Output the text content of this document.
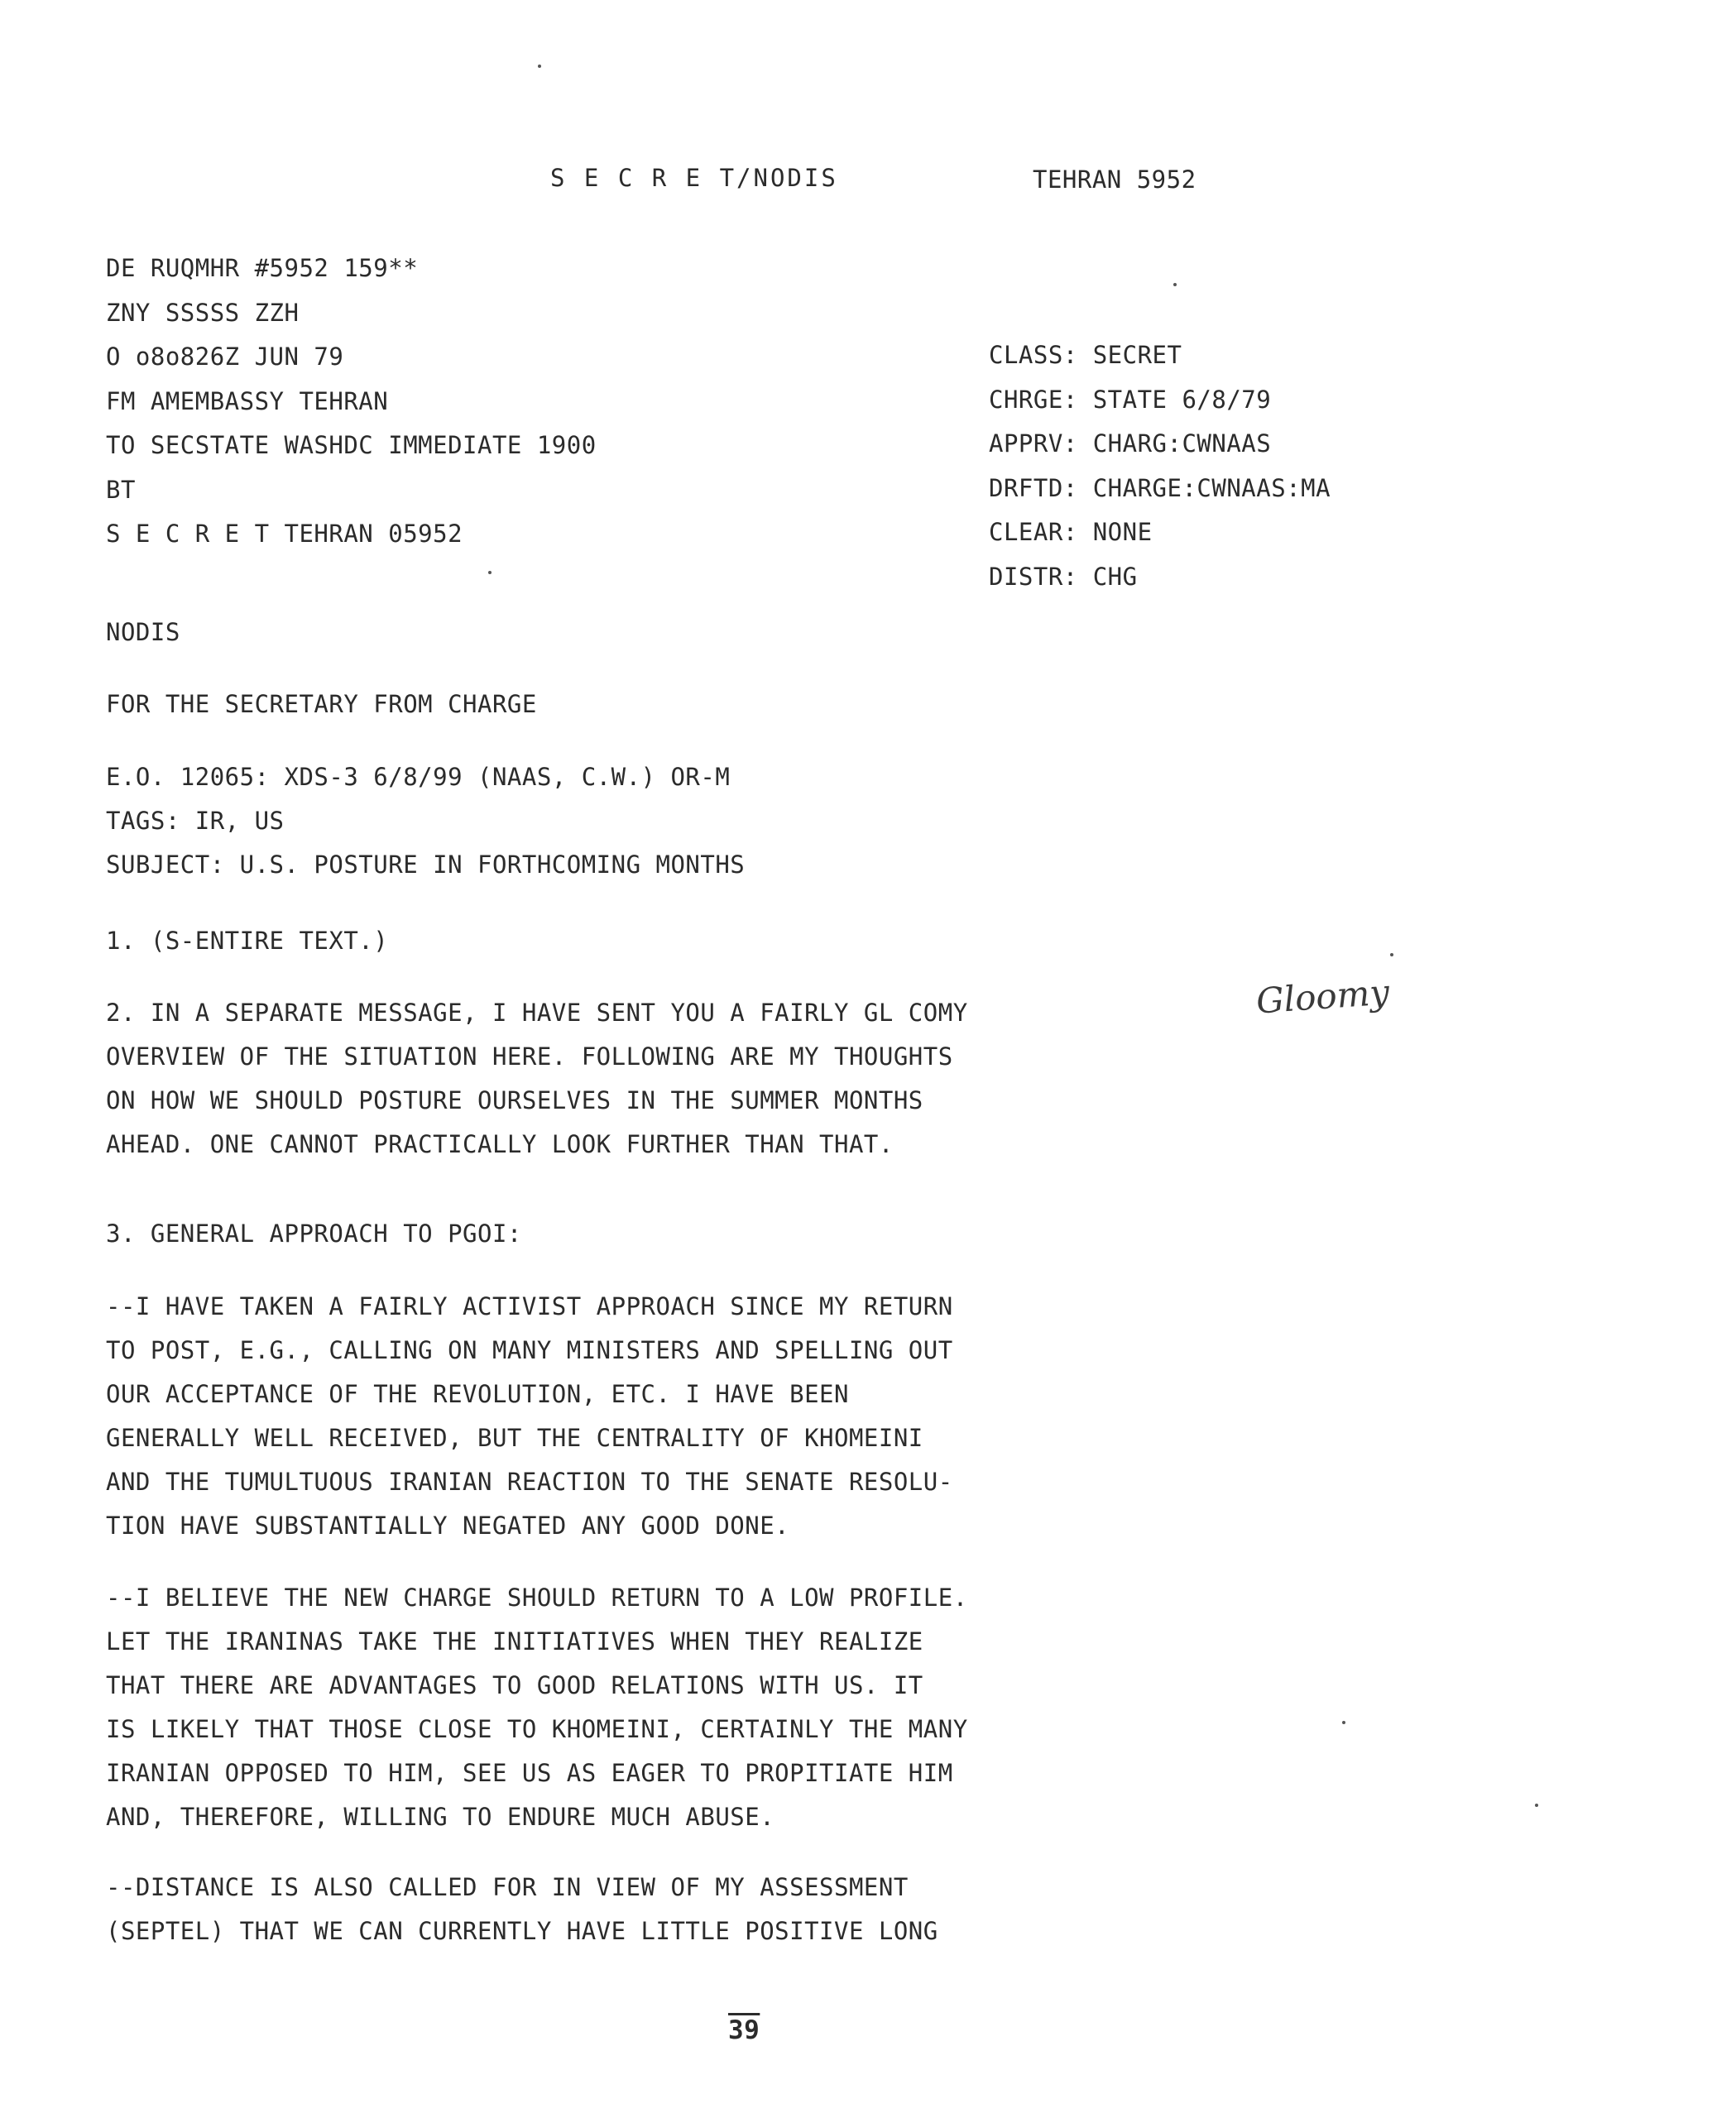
S E C R E T/NODIS	TEHRAN 5952
DE RUQMHR #5952 159**
ZNY SSSSS ZZH
O o8o826Z JUN 79
FM AMEMBASSY TEHRAN
TO SECSTATE WASHDC IMMEDIATE 1900
BT
S E C R E T TEHRAN 05952
CLASS: SECRET
CHRGE: STATE 6/8/79
APPRV: CHARG:CWNAAS
DRFTD: CHARGE:CWNAAS:MA
CLEAR: NONE
DISTR: CHG
NODIS
FOR THE SECRETARY FROM CHARGE
E.O. 12065: XDS-3 6/8/99 (NAAS, C.W.) OR-M
TAGS: IR, US
SUBJECT: U.S. POSTURE IN FORTHCOMING MONTHS
1. (S-ENTIRE TEXT.)
2. IN A SEPARATE MESSAGE, I HAVE SENT YOU A FAIRLY GL COMY
OVERVIEW OF THE SITUATION HERE. FOLLOWING ARE MY THOUGHTS
ON HOW WE SHOULD POSTURE OURSELVES IN THE SUMMER MONTHS
AHEAD. ONE CANNOT PRACTICALLY LOOK FURTHER THAN THAT.
3. GENERAL APPROACH TO PGOI:
--I HAVE TAKEN A FAIRLY ACTIVIST APPROACH SINCE MY RETURN
TO POST, E.G., CALLING ON MANY MINISTERS AND SPELLING OUT
OUR ACCEPTANCE OF THE REVOLUTION, ETC. I HAVE BEEN
GENERALLY WELL RECEIVED, BUT THE CENTRALITY OF KHOMEINI
AND THE TUMULTUOUS IRANIAN REACTION TO THE SENATE RESOLU-
TION HAVE SUBSTANTIALLY NEGATED ANY GOOD DONE.
--I BELIEVE THE NEW CHARGE SHOULD RETURN TO A LOW PROFILE.
LET THE IRANINAS TAKE THE INITIATIVES WHEN THEY REALIZE
THAT THERE ARE ADVANTAGES TO GOOD RELATIONS WITH US. IT
IS LIKELY THAT THOSE CLOSE TO KHOMEINI, CERTAINLY THE MANY
IRANIAN OPPOSED TO HIM, SEE US AS EAGER TO PROPITIATE HIM
AND, THEREFORE, WILLING TO ENDURE MUCH ABUSE.
--DISTANCE IS ALSO CALLED FOR IN VIEW OF MY ASSESSMENT
(SEPTEL) THAT WE CAN CURRENTLY HAVE LITTLE POSITIVE LONG
Gloomy
39
